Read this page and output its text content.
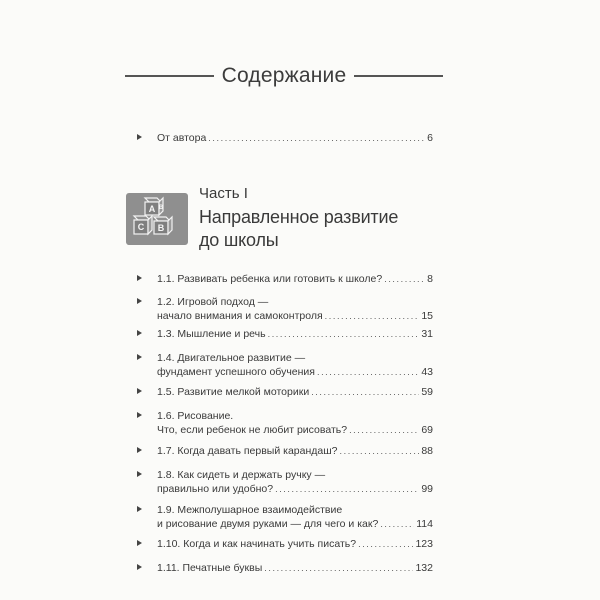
Содержание
От автора .....	6
А В
С В
Часть I
Направленное развитие
до школы
1.1. Развивать ребенка или готовить к школе? .....	8
1.2. Игровой подход —
начало внимания и самоконтроля .....	15
1.3. Мышление и речь .....	31
1.4. Двигательное развитие —
фундамент успешного обучения .....	43
1.5. Развитие мелкой моторики .....	59
1.6. Рисование.
Что, если ребенок не любит рисовать? .....	69
1.7. Когда давать первый карандаш? .....	88
1.8. Как сидеть и держать ручку —
правильно или удобно? .....	99
1.9. Межполушарное взаимодействие
и рисование двумя руками — для чего и как? .....	114
1.10. Когда и как начинать учить писать? .....	123
1.11. Печатные буквы .....	132
